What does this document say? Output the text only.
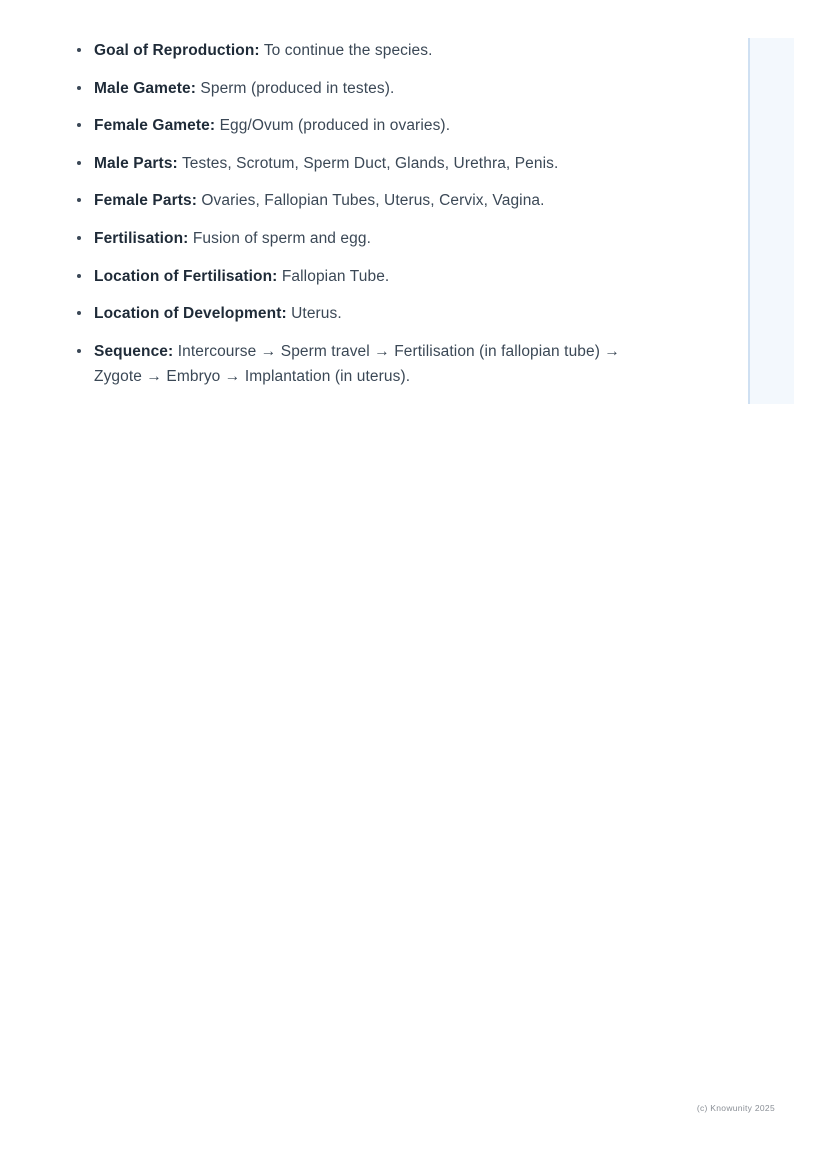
Goal of Reproduction: To continue the species.
Male Gamete: Sperm (produced in testes).
Female Gamete: Egg/Ovum (produced in ovaries).
Male Parts: Testes, Scrotum, Sperm Duct, Glands, Urethra, Penis.
Female Parts: Ovaries, Fallopian Tubes, Uterus, Cervix, Vagina.
Fertilisation: Fusion of sperm and egg.
Location of Fertilisation: Fallopian Tube.
Location of Development: Uterus.
Sequence: Intercourse → Sperm travel → Fertilisation (in fallopian tube) → Zygote → Embryo → Implantation (in uterus).
(c) Knowunity 2025
